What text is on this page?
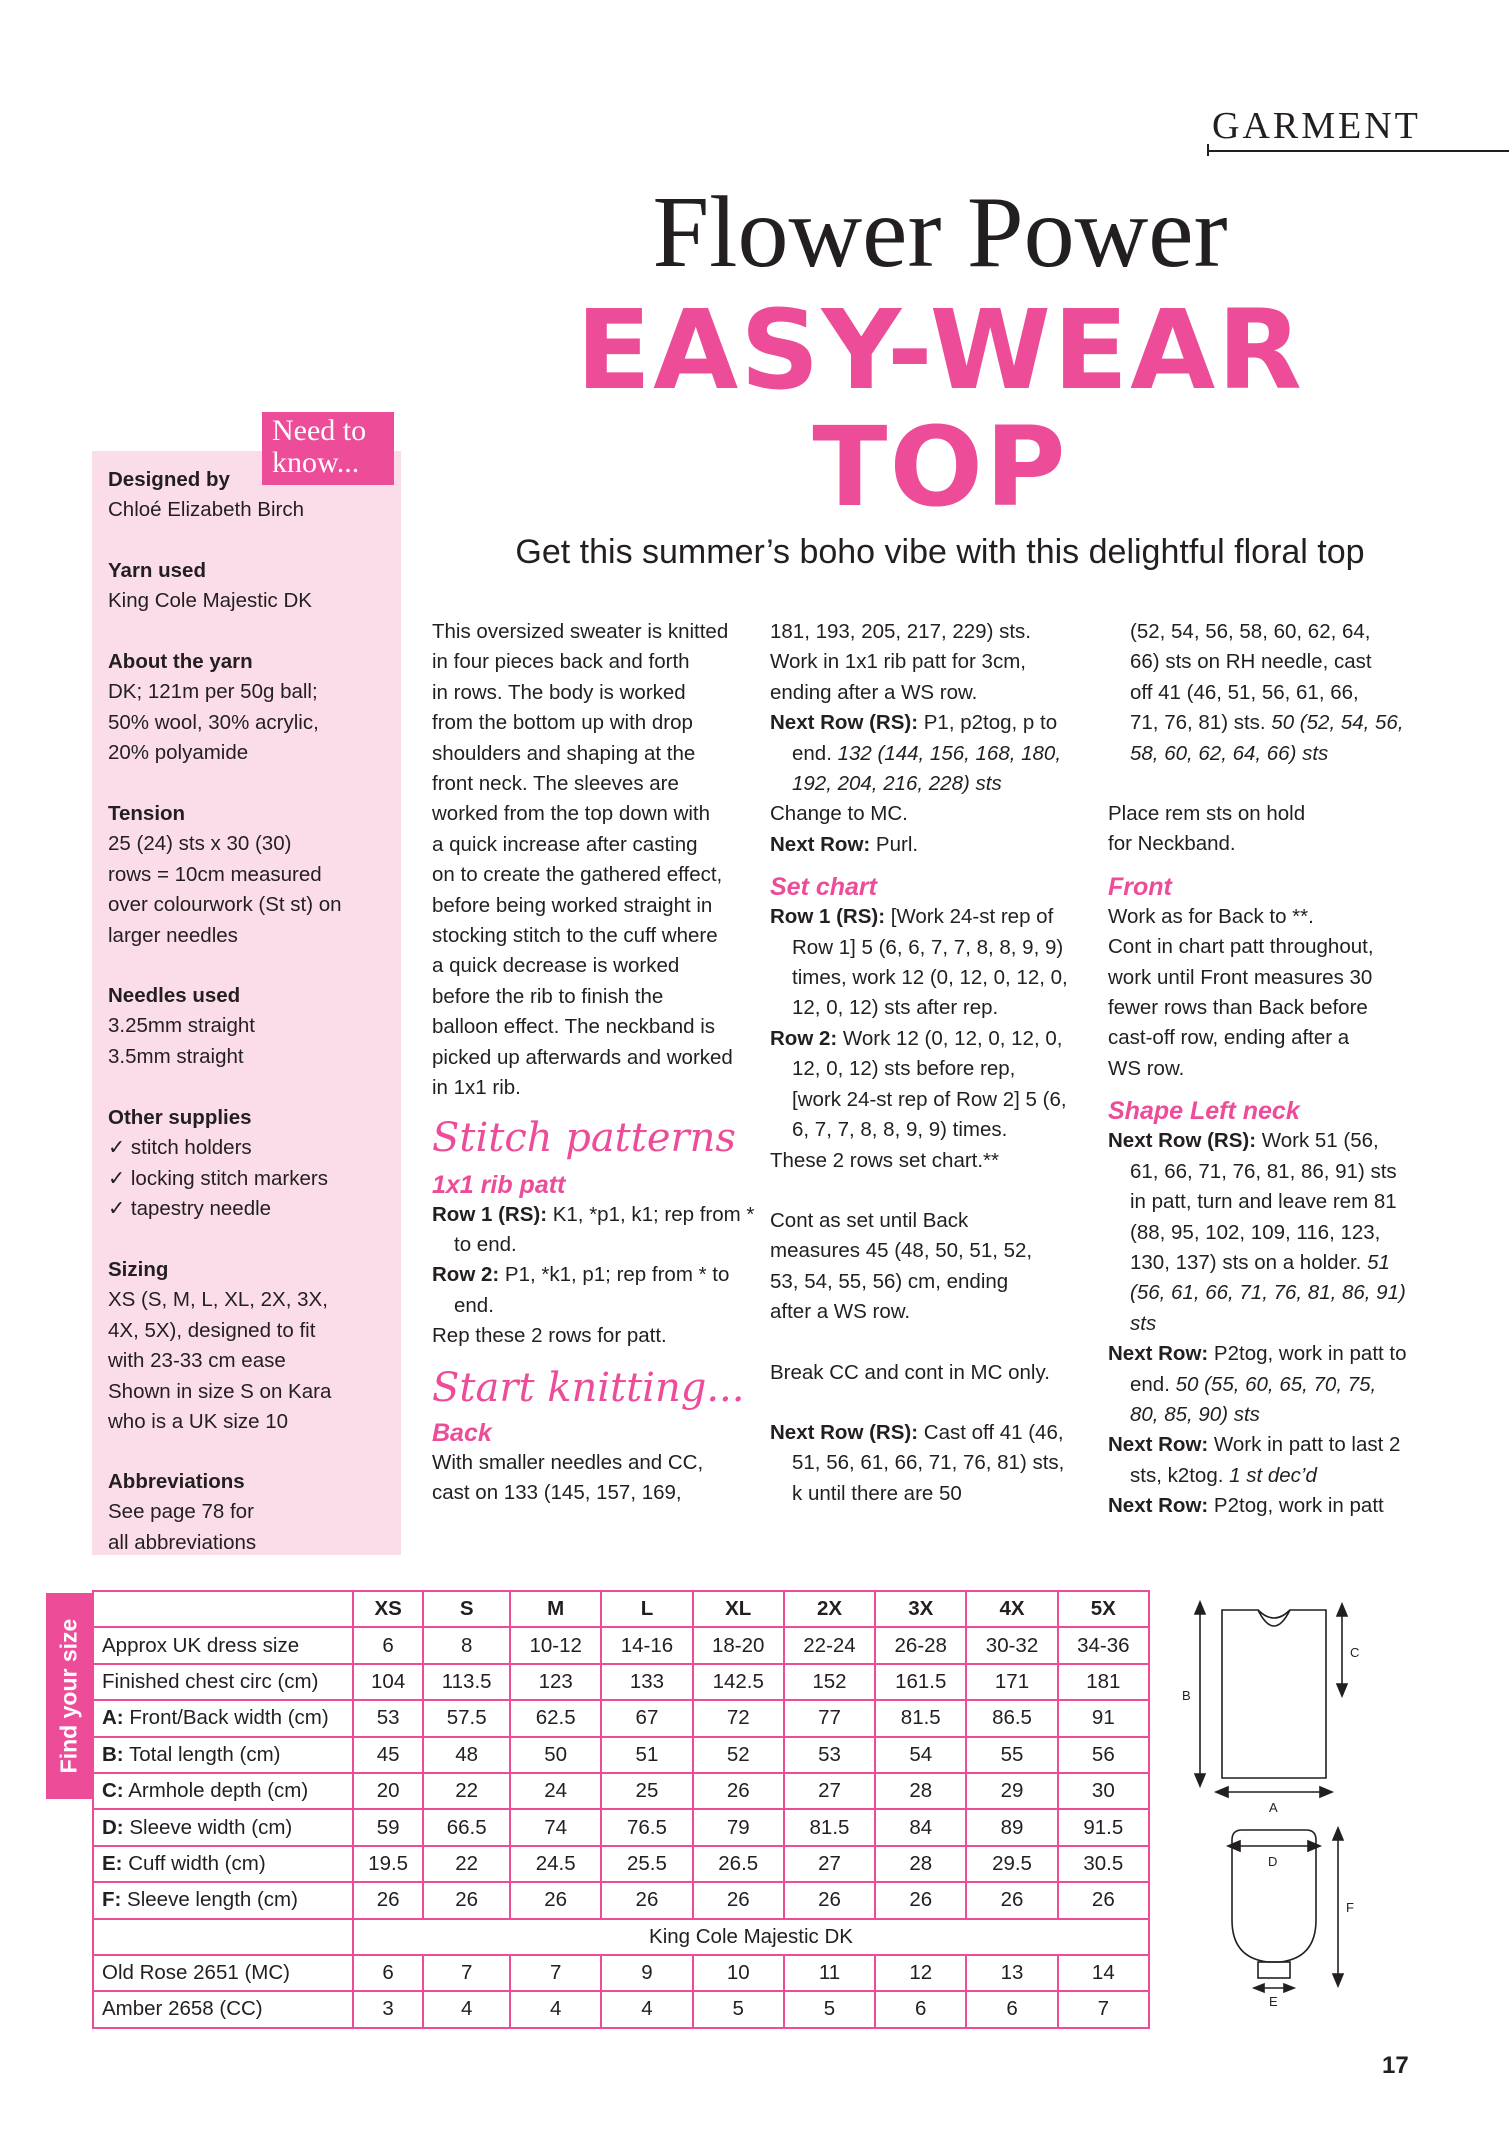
GARMENT
Flower Power
EASY-WEAR
TOP
Get this summer’s boho vibe with this delightful floral top
Need to
know...
Designed by
Chloé Elizabeth Birch
Yarn used
King Cole Majestic DK
About the yarn
DK; 121m per 50g ball;
50% wool, 30% acrylic,
20% polyamide
Tension
25 (24) sts x 30 (30)
rows = 10cm measured
over colourwork (St st) on
larger needles
Needles used
3.25mm straight
3.5mm straight
Other supplies
✓ stitch holders
✓ locking stitch markers
✓ tapestry needle
Sizing
XS (S, M, L, XL, 2X, 3X,
4X, 5X), designed to fit
with 23-33 cm ease
Shown in size S on Kara
who is a UK size 10
Abbreviations
See page 78 for
all abbreviations

This oversized sweater is knitted

in four pieces back and forth

in rows. The body is worked

from the bottom up with drop

shoulders and shaping at the

front neck. The sleeves are

worked from the top down with

a quick increase after casting

on to create the gathered effect,

before being worked straight in

stocking stitch to the cuff where

a quick decrease is worked

before the rib to finish the

balloon effect. The neckband is

picked up afterwards and worked

in 1x1 rib.

Stitch patterns

1x1 rib patt

Row 1 (RS): K1, *p1, k1; rep from * to end.

Row 2: P1, *k1, p1; rep from * to end.

Rep these 2 rows for patt.

Start knitting...

Back

With smaller needles and CC,

cast on 133 (145, 157, 169,

181, 193, 205, 217, 229) sts.

Work in 1x1 rib patt for 3cm,

ending after a WS row.

Next Row (RS): P1, p2tog, p to end. 132 (144, 156, 168, 180, 192, 204, 216, 228) sts

Change to MC.

Next Row: Purl.

Set chart

Row 1 (RS): [Work 24-st rep of Row 1] 5 (6, 6, 7, 7, 8, 8, 9, 9) times, work 12 (0, 12, 0, 12, 0, 12, 0, 12) sts after rep.

Row 2: Work 12 (0, 12, 0, 12, 0, 12, 0, 12) sts before rep, [work 24-st rep of Row 2] 5 (6, 6, 7, 7, 8, 8, 9, 9) times.

These 2 rows set chart.**

Cont as set until Back

measures 45 (48, 50, 51, 52,

53, 54, 55, 56) cm, ending

after a WS row.

Break CC and cont in MC only.

Next Row (RS): Cast off 41 (46, 51, 56, 61, 66, 71, 76, 81) sts, k until there are 50

(52, 54, 56, 58, 60, 62, 64,

66) sts on RH needle, cast

off 41 (46, 51, 56, 61, 66,

71, 76, 81) sts. 50 (52, 54, 56, 58, 60, 62, 64, 66) sts

Place rem sts on hold

for Neckband.

Front

Work as for Back to **.

Cont in chart patt throughout,

work until Front measures 30

fewer rows than Back before

cast-off row, ending after a

WS row.

Shape Left neck

Next Row (RS): Work 51 (56, 61, 66, 71, 76, 81, 86, 91) sts in patt, turn and leave rem 81 (88, 95, 102, 109, 116, 123, 130, 137) sts on a holder. 51 (56, 61, 66, 71, 76, 81, 86, 91) sts

Next Row: P2tog, work in patt to end. 50 (55, 60, 65, 70, 75, 80, 85, 90) sts

Next Row: Work in patt to last 2 sts, k2tog. 1 st dec’d

Next Row: P2tog, work in patt

Find your size
	XS	S	M	L	XL	2X	3X	4X	5X
Approx UK dress size	6	8	10-12	14-16	18-20	22-24	26-28	30-32	34-36
Finished chest circ (cm)	104	113.5	123	133	142.5	152	161.5	171	181
A: Front/Back width (cm)	53	57.5	62.5	67	72	77	81.5	86.5	91
B: Total length (cm)	45	48	50	51	52	53	54	55	56
C: Armhole depth (cm)	20	22	24	25	26	27	28	29	30
D: Sleeve width (cm)	59	66.5	74	76.5	79	81.5	84	89	91.5
E: Cuff width (cm)	19.5	22	24.5	25.5	26.5	27	28	29.5	30.5
F: Sleeve length (cm)	26	26	26	26	26	26	26	26	26
	King Cole Majestic DK								
Old Rose 2651 (MC)	6	7	7	9	10	11	12	13	14
Amber 2658 (CC)	3	4	4	4	5	5	6	6	7
B
C
A
D
F
E
17
